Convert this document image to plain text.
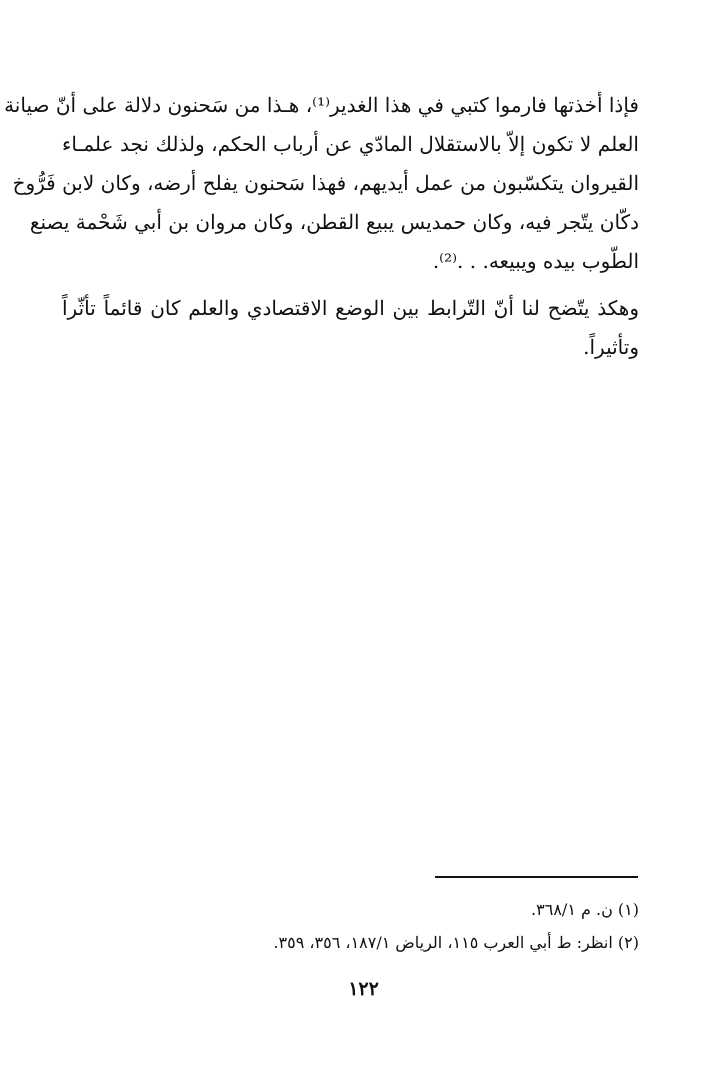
فإذا أخذتها فارموا كتبي في هذا الغدير⁽¹⁾، هـذا من سَحنون دلالة على أنّ صيانة
العلم لا تكون إلاّ بالاستقلال المادّي عن أرباب الحكم، ولذلك نجد علمـاء
القيروان يتكسّبون من عمل أيديهم، فهذا سَحنون يفلح أرضه، وكان لابن فَرُّوخ
دكّان يتّجر فيه، وكان حمديس يبيع القطن، وكان مروان بن أبي شَحْمة يصنع
الطّوب بيده ويبيعه. . .⁽²⁾.
وهكذ يتّضح لنا أنّ التّرابط بين الوضع الاقتصادي والعلم كان قائماً تأثّراً
وتأثيراً.
(١) ن. م ٣٦٨/١.
(٢) انظر: ط أبي العرب ١١٥، الرياض ١٨٧/١، ٣٥٦، ٣٥٩.
١٢٢
